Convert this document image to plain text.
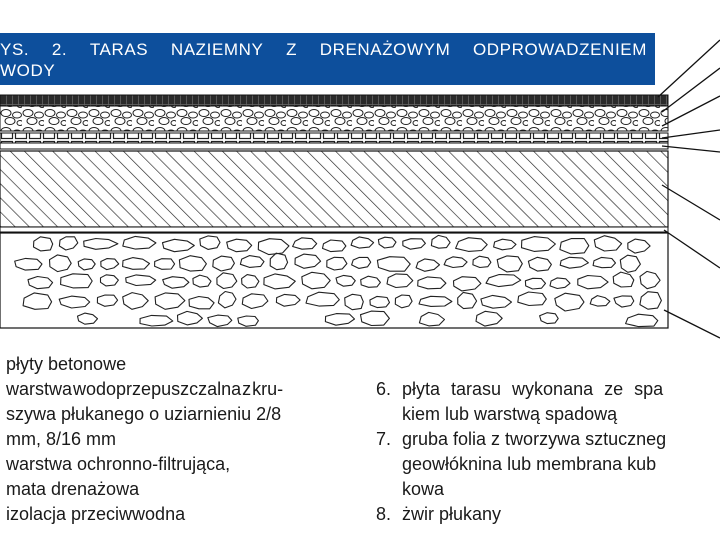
YS. 2. TARAS NAZIEMNY Z DRENAŻOWYM ODPROWADZENIEM
WODY
płyty betonowe
warstwa wodoprzepuszczalna z kru-
szywa płukanego o uziarnieniu 2/8
mm, 8/16 mm
warstwa ochronno-filtrująca,
mata drenażowa
izolacja przeciwwodna
6. płyta tarasu wykonana ze spa
kiem lub warstwą spadową
7. gruba folia z tworzywa sztuczneg
geowłóknina lub membrana kub
kowa
8. żwir płukany
